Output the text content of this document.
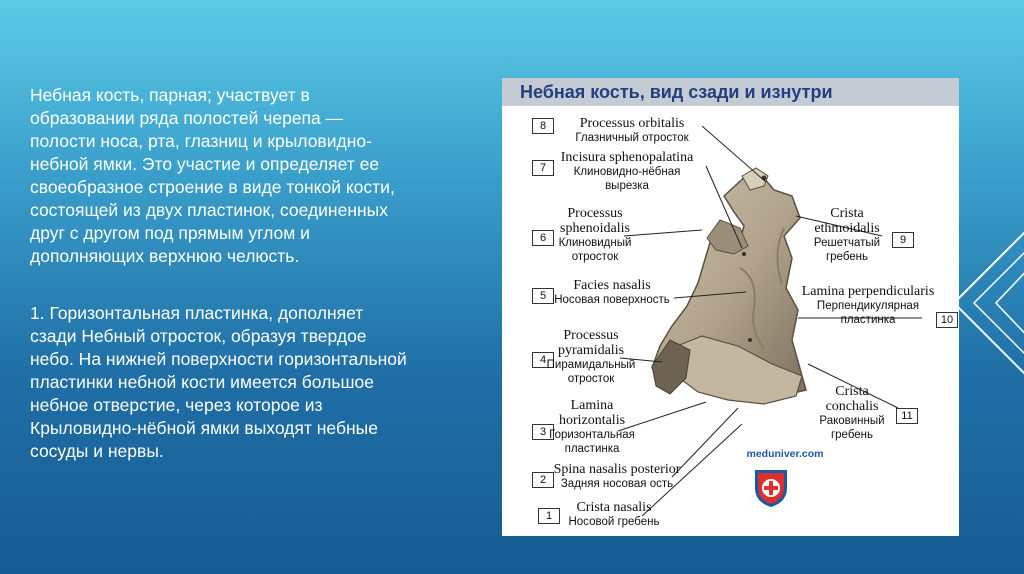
Небная кость, парная; участвует в образовании ряда полостей черепа — полости носа, рта, глазниц и крыловидно-небной ямки. Это участие и определяет ее своеобразное строение в виде тонкой кости, состоящей из двух пластинок, соединенных друг с другом под прямым углом и дополняющих верхнюю челюсть.
1. Горизонтальная пластинка, дополняет сзади Небный отросток, образуя твердое небо. На нижней поверхности горизонтальной пластинки небной кости имеется большое небное отверстие, через которое из Крыловидно-нёбной ямки выходят небные сосуды и нервы.
Небная кость, вид сзади и изнутри
8	Processus orbitalis
Глазничный отросток
7
Incisura sphenopalatina
Клиновидно-нёбная вырезка
6
Processus sphenoidalis
Клиновидный отросток
5
Facies nasalis
Носовая поверхность
4
Processus pyramidalis
Пирамидальный отросток
3
Lamina horizontalis
Горизонтальная пластинка
2
Spina nasalis posterior
Задняя носовая ость
1
Crista nasalis
Носовой гребень
Crista ethmoidalis
Решетчатый гребень
9
Lamina perpendicularis
Перпендикулярная пластинка	10
Crista conchalis
Раковинный гребень
11
meduniver.com
